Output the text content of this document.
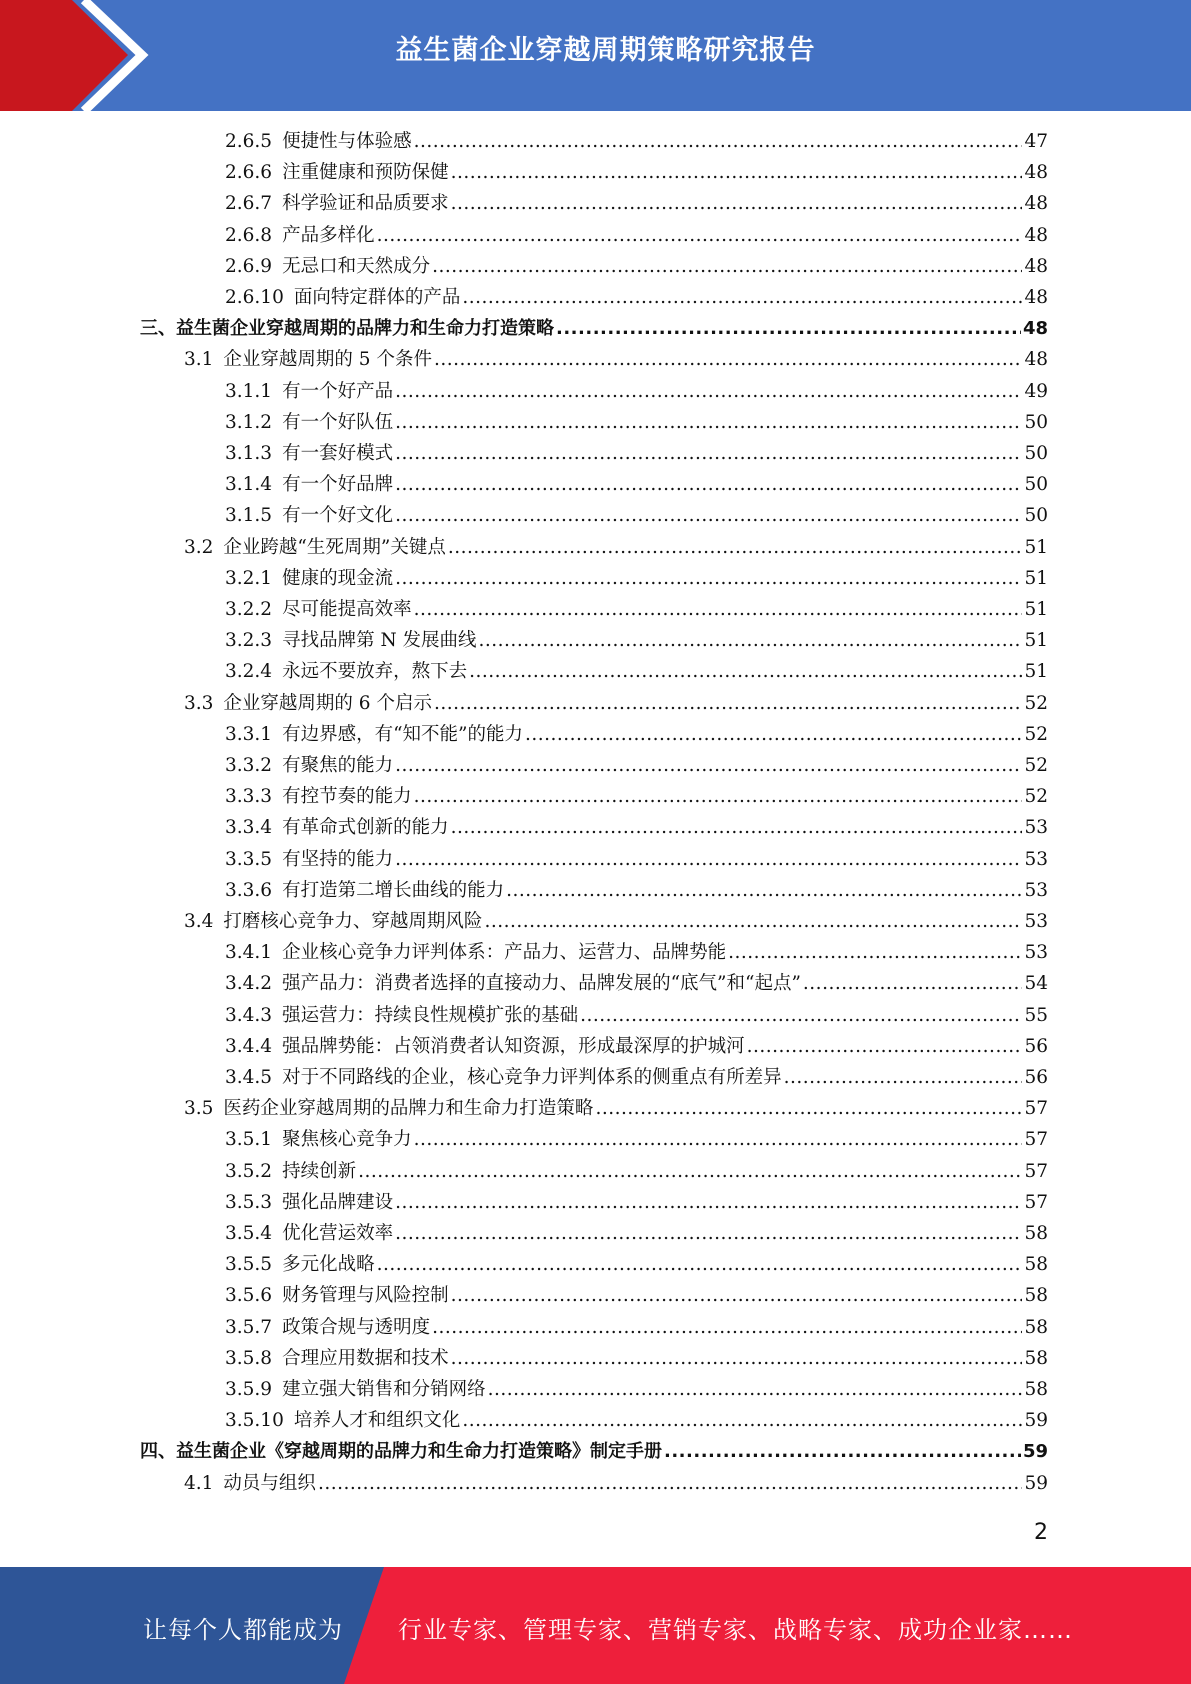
益生菌企业穿越周期策略研究报告
2.6.5 便捷性与体验感 .....	47
2.6.6 注重健康和预防保健 .....	48
2.6.7 科学验证和品质要求 .....	48
2.6.8 产品多样化 .....	48
2.6.9 无忌口和天然成分 .....	48
2.6.10 面向特定群体的产品 .....	48
三、 益生菌企业穿越周期的品牌力和生命力打造策略 .....	48
3.1 企业穿越周期的 5 个条件 .....	48
3.1.1 有一个好产品 .....	49
3.1.2 有一个好队伍 .....	50
3.1.3 有一套好模式 .....	50
3.1.4 有一个好品牌 .....	50
3.1.5 有一个好文化 .....	50
3.2 企业跨越“生死周期”关键点 .....	51
3.2.1 健康的现金流 .....	51
3.2.2 尽可能提高效率 .....	51
3.2.3 寻找品牌第 N 发展曲线 .....	51
3.2.4 永远不要放弃，熬下去 .....	51
3.3 企业穿越周期的 6 个启示 .....	52
3.3.1 有边界感，有“知不能”的能力 .....	52
3.3.2 有聚焦的能力 .....	52
3.3.3 有控节奏的能力 .....	52
3.3.4 有革命式创新的能力 .....	53
3.3.5 有坚持的能力 .....	53
3.3.6 有打造第二增长曲线的能力 .....	53
3.4 打磨核心竞争力、穿越周期风险 .....	53
3.4.1 企业核心竞争力评判体系：产品力、运营力、品牌势能 .....	53
3.4.2 强产品力：消费者选择的直接动力、品牌发展的“底气”和“起点” .....	54
3.4.3 强运营力：持续良性规模扩张的基础 .....	55
3.4.4 强品牌势能：占领消费者认知资源，形成最深厚的护城河 .....	56
3.4.5 对于不同路线的企业，核心竞争力评判体系的侧重点有所差异 .....	56
3.5 医药企业穿越周期的品牌力和生命力打造策略 .....	57
3.5.1 聚焦核心竞争力 .....	57
3.5.2 持续创新 .....	57
3.5.3 强化品牌建设 .....	57
3.5.4 优化营运效率 .....	58
3.5.5 多元化战略 .....	58
3.5.6 财务管理与风险控制 .....	58
3.5.7 政策合规与透明度 .....	58
3.5.8 合理应用数据和技术 .....	58
3.5.9 建立强大销售和分销网络 .....	58
3.5.10 培养人才和组织文化 .....	59
四、 益生菌企业《穿越周期的品牌力和生命力打造策略》制定手册 .....	59
4.1 动员与组织 .....	59
2
让每个人都能成为 行业专家、管理专家、营销专家、战略专家、成功企业家……
